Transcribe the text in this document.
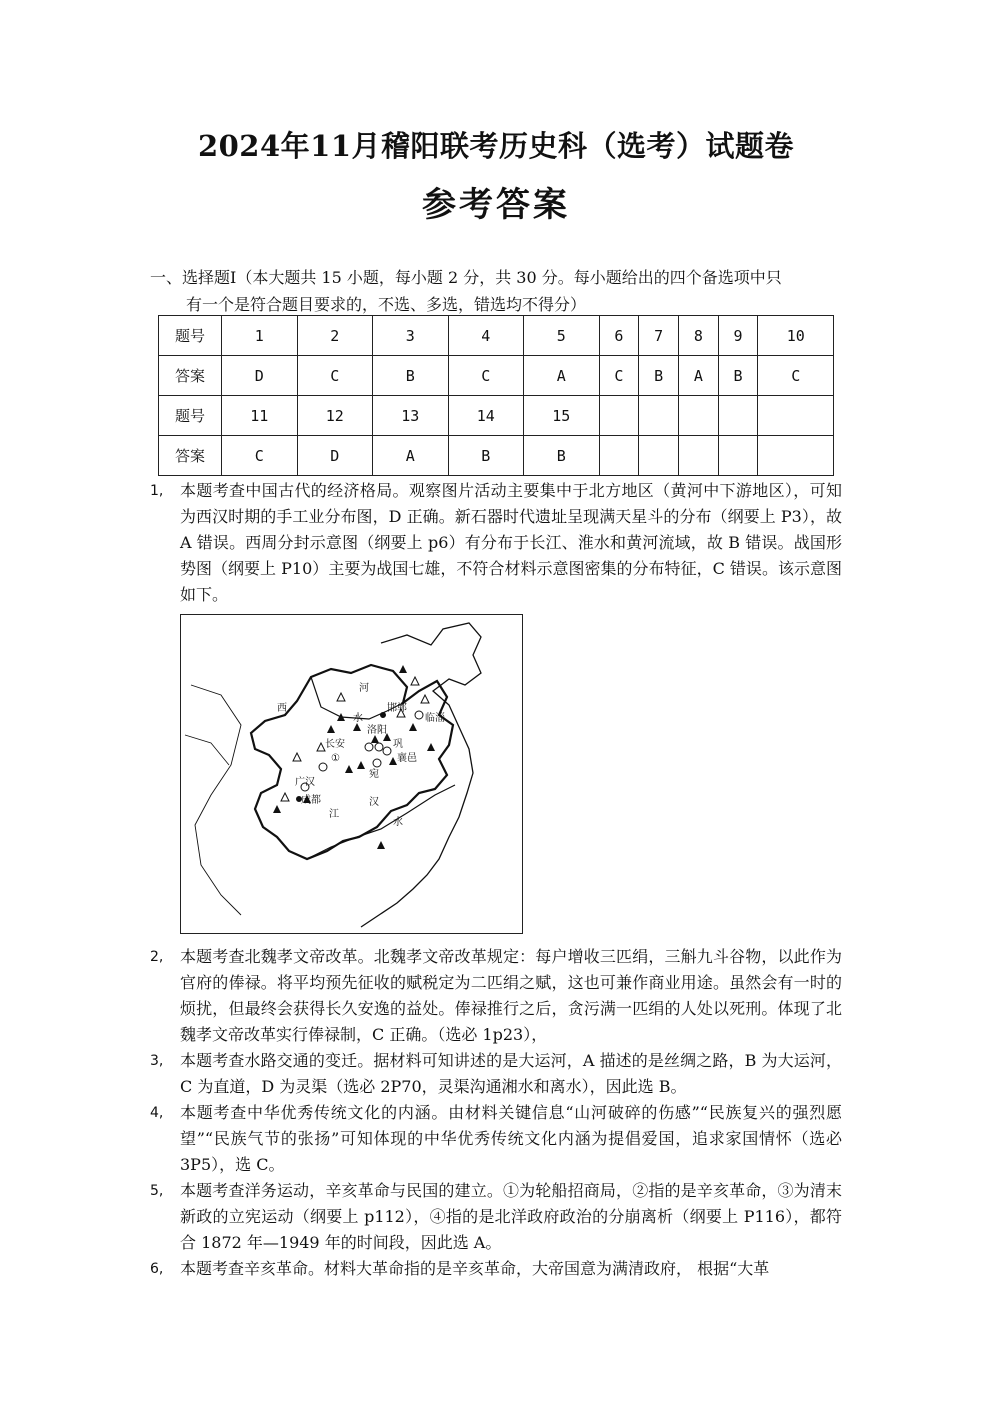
2024年11月稽阳联考历史科（选考）试题卷
参考答案
一、选择题Ⅰ（本大题共 15 小题，每小题 2 分，共 30 分。每小题给出的四个备选项中只
有一个是符合题目要求的，不选、多选，错选均不得分）
题号	1	2	3	4	5	6	7	8	9	10
答案	D	C	B	C	A	C	B	A	B	C
题号	11	12	13	14	15					
答案	C	D	A	B	B					
1, 本题考查中国古代的经济格局。观察图片活动主要集中于北方地区（黄河中下游地区），可知为西汉时期的手工业分布图，D 正确。新石器时代遗址呈现满天星斗的分布（纲要上 P3），故 A 错误。西周分封示意图（纲要上 p6）有分布于长江、淮水和黄河流域，故 B 错误。战国形势图（纲要上 P10）主要为战国七雄，不符合材料示意图密集的分布特征，C 错误。该示意图如下。
西
河
水
邯郸
临淄
洛阳
长安	巩
襄邑
宛
广汉
成都
江
汉
水
①
2, 本题考查北魏孝文帝改革。北魏孝文帝改革规定：每户增收三匹绢，三斛九斗谷物，以此作为官府的俸禄。将平均预先征收的赋税定为二匹绢之赋，这也可兼作商业用途。虽然会有一时的烦扰，但最终会获得长久安逸的益处。俸禄推行之后，贪污满一匹绢的人处以死刑。体现了北魏孝文帝改革实行俸禄制，C 正确。（选必 1p23），
3, 本题考查水路交通的变迁。据材料可知讲述的是大运河，A 描述的是丝绸之路，B 为大运河，C 为直道，D 为灵渠（选必 2P70，灵渠沟通湘水和离水），因此选 B。
4, 本题考查中华优秀传统文化的内涵。由材料关键信息“山河破碎的伤感”“民族复兴的强烈愿望”“民族气节的张扬”可知体现的中华优秀传统文化内涵为提倡爱国，追求家国情怀（选必 3P5），选 C。
5, 本题考查洋务运动，辛亥革命与民国的建立。①为轮船招商局，②指的是辛亥革命，③为清末新政的立宪运动（纲要上 p112），④指的是北洋政府政治的分崩离析（纲要上 P116），都符合 1872 年—1949 年的时间段，因此选 A。
6, 本题考查辛亥革命。材料大革命指的是辛亥革命，大帝国意为满清政府， 根据“大革
